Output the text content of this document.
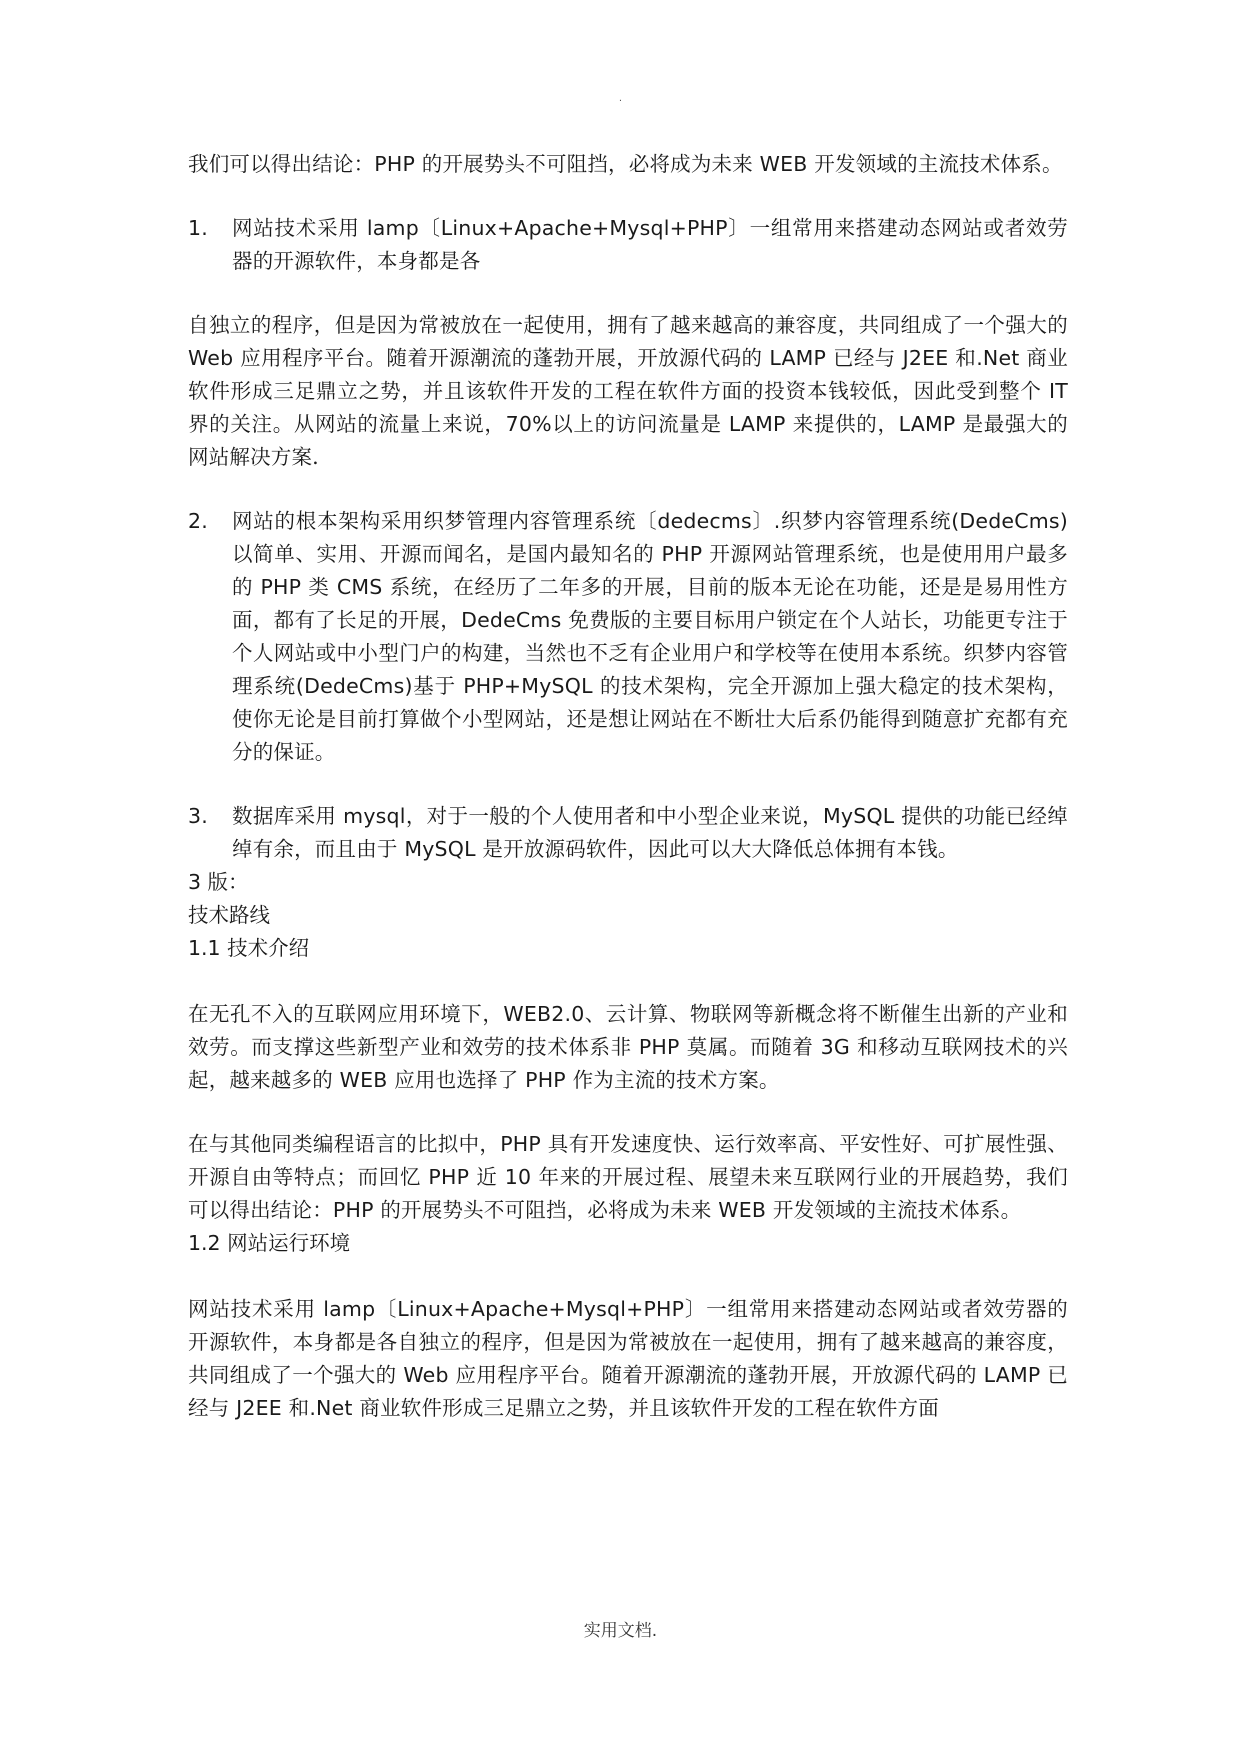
.

我们可以得出结论：PHP 的开展势头不可阻挡，必将成为未来 WEB 开发领域的主流技术体系。

1.	网站技术采用 lamp〔Linux+Apache+Mysql+PHP〕一组常用来搭建动态网站或者效劳器的开源软件，本身都是各

自独立的程序，但是因为常被放在一起使用，拥有了越来越高的兼容度，共同组成了一个强大的 Web 应用程序平台。随着开源潮流的蓬勃开展，开放源代码的 LAMP 已经与 J2EE 和.Net 商业软件形成三足鼎立之势，并且该软件开发的工程在软件方面的投资本钱较低，因此受到整个 IT 界的关注。从网站的流量上来说，70%以上的访问流量是 LAMP 来提供的，LAMP 是最强大的网站解决方案．

2.	网站的根本架构采用织梦管理内容管理系统〔dedecms〕.织梦内容管理系统(DedeCms)以简单、实用、开源而闻名，是国内最知名的 PHP 开源网站管理系统，也是使用用户最多的 PHP 类 CMS 系统，在经历了二年多的开展，目前的版本无论在功能，还是是易用性方面，都有了长足的开展，DedeCms 免费版的主要目标用户锁定在个人站长，功能更专注于个人网站或中小型门户的构建，当然也不乏有企业用户和学校等在使用本系统。织梦内容管理系统(DedeCms)基于 PHP+MySQL 的技术架构，完全开源加上强大稳定的技术架构，使你无论是目前打算做个小型网站，还是想让网站在不断壮大后系仍能得到随意扩充都有充分的保证。
3.	数据库采用 mysql，对于一般的个人使用者和中小型企业来说，MySQL 提供的功能已经绰绰有余，而且由于 MySQL 是开放源码软件，因此可以大大降低总体拥有本钱。

3 版：

技术路线

1.1 技术介绍

在无孔不入的互联网应用环境下，WEB2.0、云计算、物联网等新概念将不断催生出新的产业和效劳。而支撑这些新型产业和效劳的技术体系非 PHP 莫属。而随着 3G 和移动互联网技术的兴起，越来越多的 WEB 应用也选择了 PHP 作为主流的技术方案。

在与其他同类编程语言的比拟中，PHP 具有开发速度快、运行效率高、平安性好、可扩展性强、开源自由等特点；而回忆 PHP 近 10 年来的开展过程、展望未来互联网行业的开展趋势，我们可以得出结论：PHP 的开展势头不可阻挡，必将成为未来 WEB 开发领域的主流技术体系。

1.2 网站运行环境

网站技术采用 lamp〔Linux+Apache+Mysql+PHP〕一组常用来搭建动态网站或者效劳器的开源软件，本身都是各自独立的程序，但是因为常被放在一起使用，拥有了越来越高的兼容度，共同组成了一个强大的 Web 应用程序平台。随着开源潮流的蓬勃开展，开放源代码的 LAMP 已经与 J2EE 和.Net 商业软件形成三足鼎立之势，并且该软件开发的工程在软件方面

实用文档.
